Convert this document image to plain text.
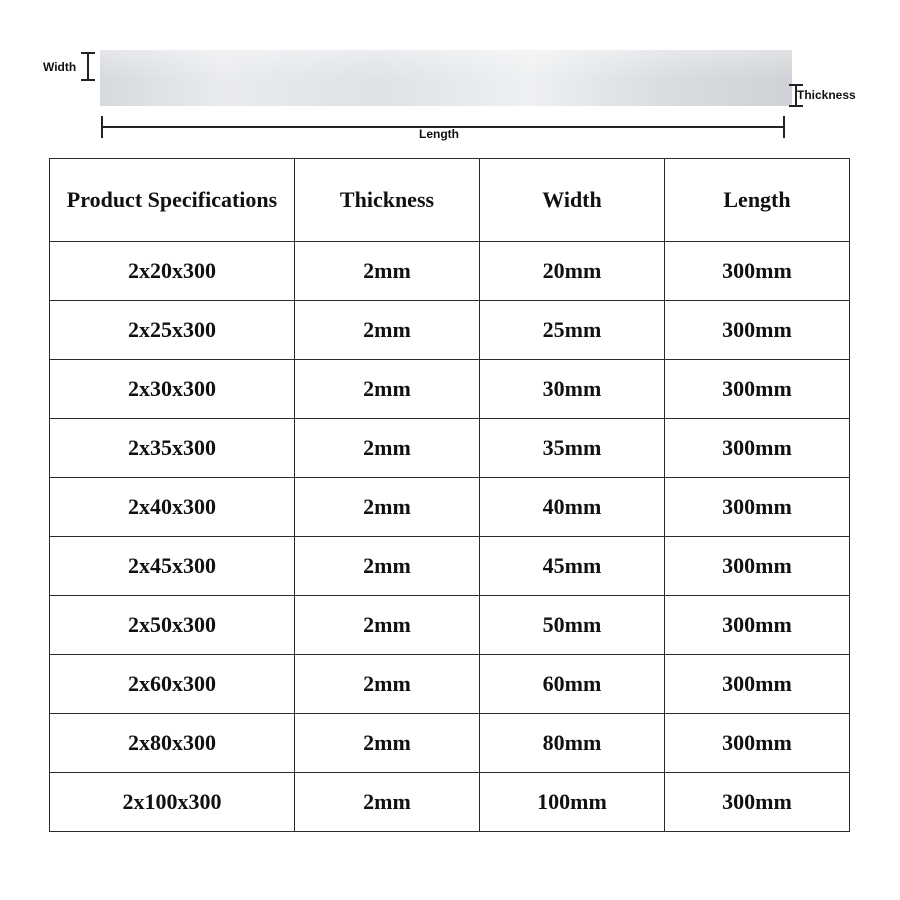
Width
Thickness
Length
Product Specifications	Thickness	Width	Length
2x20x300	2mm	20mm	300mm
2x25x300	2mm	25mm	300mm
2x30x300	2mm	30mm	300mm
2x35x300	2mm	35mm	300mm
2x40x300	2mm	40mm	300mm
2x45x300	2mm	45mm	300mm
2x50x300	2mm	50mm	300mm
2x60x300	2mm	60mm	300mm
2x80x300	2mm	80mm	300mm
2x100x300	2mm	100mm	300mm
